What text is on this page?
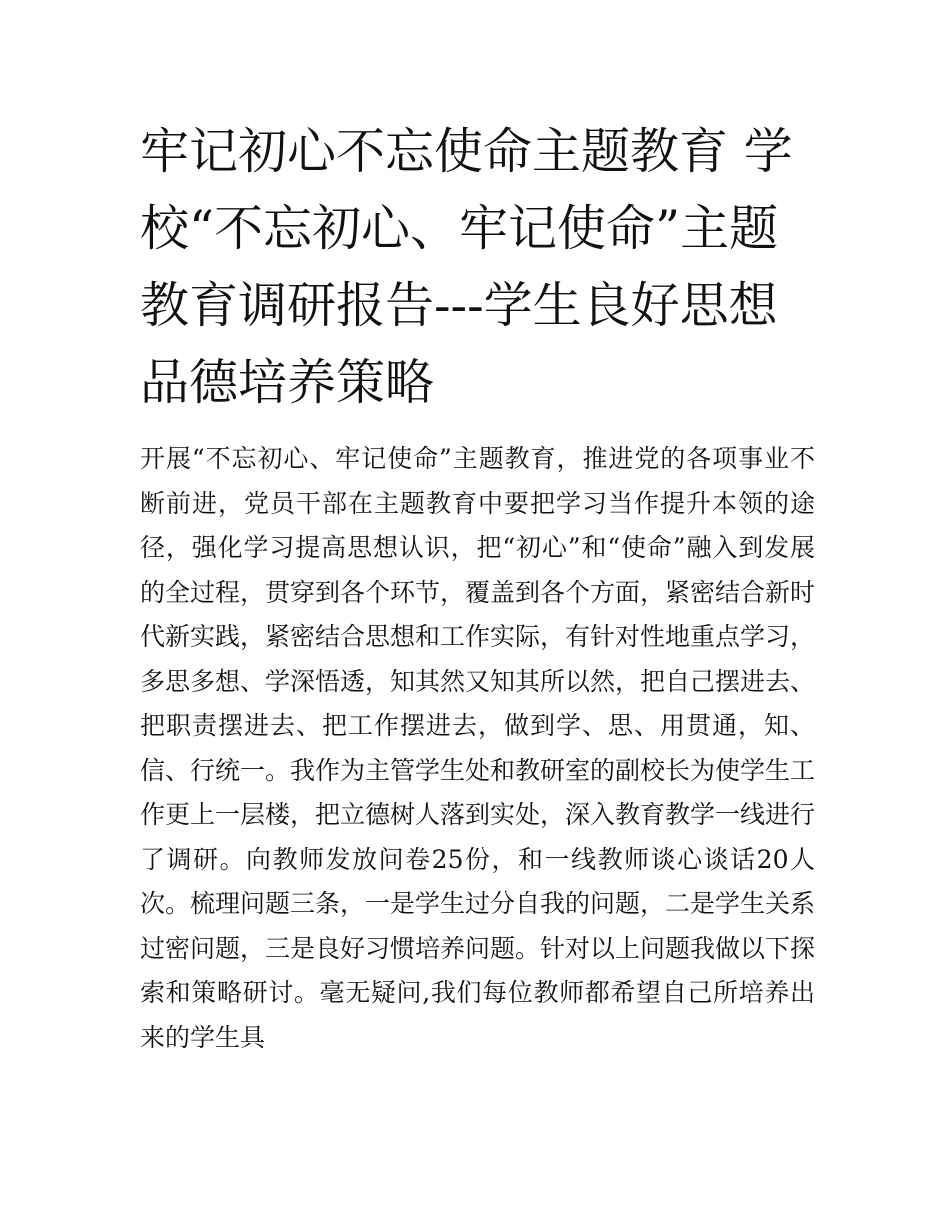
牢记初心不忘使命主题教育 学校“不忘初心、牢记使命”主题教育调研报告---学生良好思想品德培养策略

开展“不忘初心、牢记使命”主题教育，推进党的各项事业不断前进，党员干部在主题教育中要把学习当作提升本领的途径，强化学习提高思想认识，把“初心”和“使命”融入到发展的全过程，贯穿到各个环节，覆盖到各个方面，紧密结合新时代新实践，紧密结合思想和工作实际，有针对性地重点学习，多思多想、学深悟透，知其然又知其所以然，把自己摆进去、把职责摆进去、把工作摆进去，做到学、思、用贯通，知、信、行统一。我作为主管学生处和教研室的副校长为使学生工作更上一层楼，把立德树人落到实处，深入教育教学一线进行了调研。向教师发放问卷25份，和一线教师谈心谈话20人次。梳理问题三条，一是学生过分自我的问题，二是学生关系过密问题，三是良好习惯培养问题。针对以上问题我做以下探索和策略研讨。毫无疑问,我们每位教师都希望自己所培养出来的学生具
